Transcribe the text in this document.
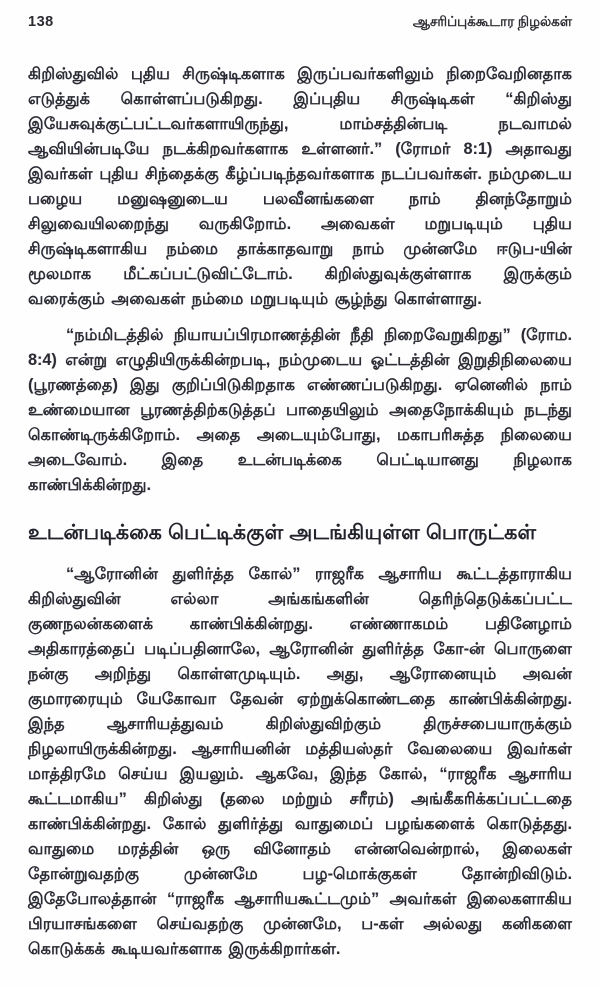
138	ஆசரிப்புக்கூடார நிழல்கள்

கிறிஸ்துவில் புதிய சிருஷ்டிகளாக இருப்பவர்களிலும் நிறைவேறினதாக எடுத்துக் கொள்ளப்படுகிறது. இப்புதிய சிருஷ்டிகள் “கிறிஸ்து இயேசுவுக்குட்பட்டவர்களாயிருந்து, மாம்சத்தின்படி நடவாமல் ஆவியின்படியே நடக்கிறவர்களாக உள்ளனர்.” (ரோமர் 8:1) அதாவது இவர்கள் புதிய சிந்தைக்கு கீழ்ப்படிந்தவர்களாக நடப்பவர்கள். நம்முடைய பழைய மனுஷனுடைய பலவீனங்களை நாம் தினந்தோறும் சிலுவையிலறைந்து வருகிறோம். அவைகள் மறுபடியும் புதிய சிருஷ்டிகளாகிய நம்மை தாக்காதவாறு நாம் முன்னமே ஈடுப-யின் மூலமாக மீட்கப்பட்டுவிட்டோம். கிறிஸ்துவுக்குள்ளாக இருக்கும் வரைக்கும் அவைகள் நம்மை மறுபடியும் சூழ்ந்து கொள்ளாது.

“நம்மிடத்தில் நியாயப்பிரமாணத்தின் நீதி நிறைவேறுகிறது” (ரோம. 8:4) என்று எழுதியிருக்கின்றபடி, நம்முடைய ஓட்டத்தின் இறுதிநிலையை (பூரணத்தை) இது குறிப்பிடுகிறதாக எண்ணப்படுகிறது. ஏனெனில் நாம் உண்மையான பூரணத்திற்கடுத்தப் பாதையிலும் அதைநோக்கியும் நடந்து கொண்டிருக்கிறோம். அதை அடையும்போது, மகாபரிசுத்த நிலையை அடைவோம். இதை உடன்படிக்கை பெட்டியானது நிழலாக காண்பிக்கின்றது.

உடன்படிக்கை பெட்டிக்குள் அடங்கியுள்ள பொருட்கள்

“ஆரோனின் துளிர்த்த கோல்” ராஜரீக ஆசாரிய கூட்டத்தாராகிய கிறிஸ்துவின் எல்லா அங்கங்களின் தெரிந்தெடுக்கப்பட்ட குணநலன்களைக் காண்பிக்கின்றது. எண்ணாகமம் பதினேழாம் அதிகாரத்தைப் படிப்பதினாலே, ஆரோனின் துளிர்த்த கோ-ன் பொருளை நன்கு அறிந்து கொள்ளமுடியும். அது, ஆரோனையும் அவன் குமாரரையும் யேகோவா தேவன் ஏற்றுக்கொண்டதை காண்பிக்கின்றது. இந்த ஆசாரியத்துவம் கிறிஸ்துவிற்கும் திருச்சபையாருக்கும் நிழலாயிருக்கின்றது. ஆசாரியனின் மத்தியஸ்தர் வேலையை இவர்கள் மாத்திரமே செய்ய இயலும். ஆகவே, இந்த கோல், “ராஜரீக ஆசாரிய கூட்டமாகிய” கிறிஸ்து (தலை மற்றும் சரீரம்) அங்கீகரிக்கப்பட்டதை காண்பிக்கின்றது. கோல் துளிர்த்து வாதுமைப் பழங்களைக் கொடுத்தது. வாதுமை மரத்தின் ஒரு வினோதம் என்னவென்றால், இலைகள் தோன்றுவதற்கு முன்னமே பழ-மொக்குகள் தோன்றிவிடும். இதேபோலத்தான் “ராஜரீக ஆசாரியகூட்டமும்” அவர்கள் இலைகளாகிய பிரயாசங்களை செய்வதற்கு முன்னமே, ப-கள் அல்லது கனிகளை கொடுக்கக் கூடியவர்களாக இருக்கிறார்கள்.
